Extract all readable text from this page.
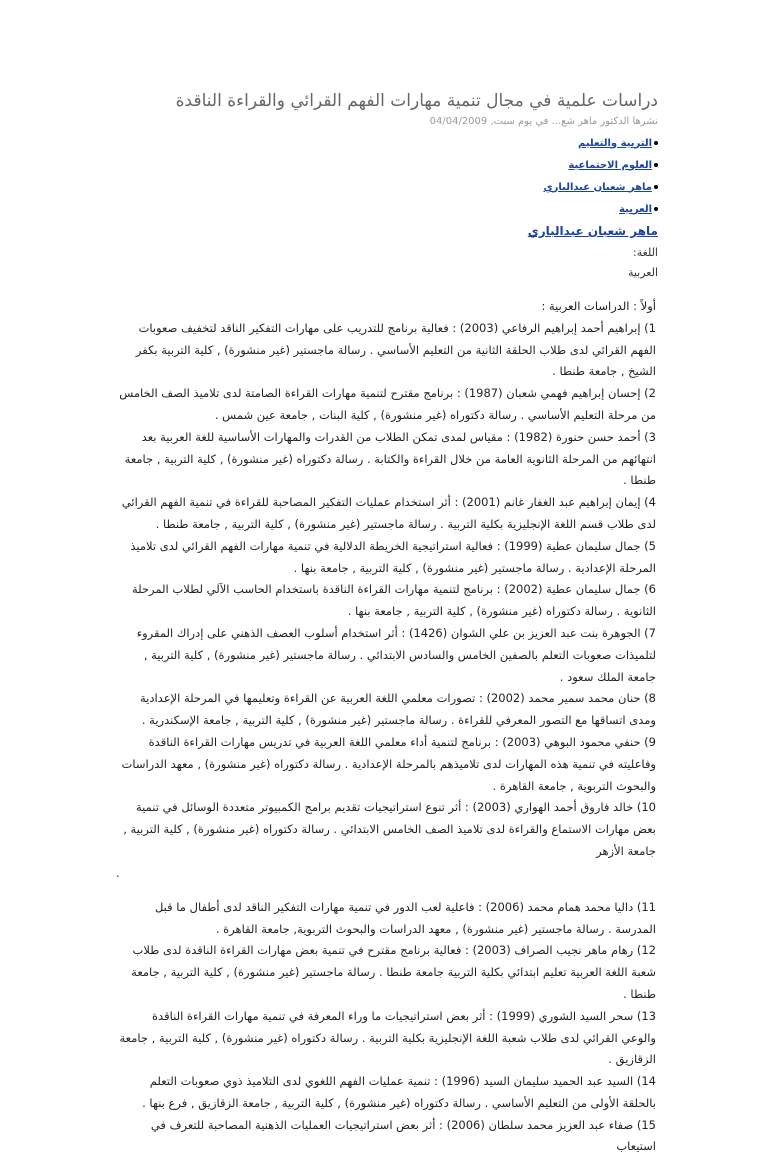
دراسات علمية في مجال تنمية مهارات الفهم القرائي والقراءة الناقدة
نشرها الدكتور ماهر شع... في يوم سبت, 04/04/2009
التربية والتعليم
العلوم الاجتماعية
ماهر شعبان عبدالباري
العربية
ماهر شعبان عبدالباري
اللغة:
العربية

أولاً : الدراسات العربية :

1) إبراهيم أحمد إبراهيم الرفاعي (2003) : فعالية برنامج للتدريب على مهارات التفكير الناقد لتخفيف صعوبات الفهم القرائي لدى طلاب الحلقة الثانية من التعليم الأساسي . رسالة ماجستير (غير منشورة) , كلية التربية بكفر الشيخ , جامعة طنطا .

2) إحسان إبراهيم فهمي شعبان (1987) : برنامج مقترح لتنمية مهارات القراءة الصامتة لدى تلاميذ الصف الخامس من مرحلة التعليم الأساسي . رسالة دكتوراه (غير منشورة) , كلية البنات , جامعة عين شمس .

3) أحمد حسن حنورة (1982) : مقياس لمدى تمكن الطلاب من القدرات والمهارات الأساسية للغة العربية بعد انتهائهم من المرحلة الثانوية العامة من خلال القراءة والكتابة . رسالة دكتوراه (غير منشورة) , كلية التربية , جامعة طنطا .

4) إيمان إبراهيم عبد الغفار غانم (2001) : أثر استخدام عمليات التفكير المصاحبة للقراءة في تنمية الفهم القرائي لدى طلاب قسم اللغة الإنجليزية بكلية التربية . رسالة ماجستير (غير منشورة) , كلية التربية , جامعة طنطا .

5) جمال سليمان عطية (1999) : فعالية استراتيجية الخريطة الدلالية في تنمية مهارات الفهم القرائي لدى تلاميذ المرحلة الإعدادية . رسالة ماجستير (غير منشورة) , كلية التربية , جامعة بنها .

6) جمال سليمان عطية (2002) : برنامج لتنمية مهارات القراءة الناقدة باستخدام الحاسب الآلي لطلاب المرحلة الثانوية . رسالة دكتوراه (غير منشورة) , كلية التربية , جامعة بنها .

7) الجوهرة بنت عبد العزيز بن علي الشوان (1426) : أثر استخدام أسلوب العصف الذهني على إدراك المقروء لتلميذات صعوبات التعلم بالصفين الخامس والسادس الابتدائي . رسالة ماجستير (غير منشورة) , كلية التربية , جامعة الملك سعود .

8) حنان محمد سمير محمد (2002) : تصورات معلمي اللغة العربية عن القراءة وتعليمها في المرحلة الإعدادية ومدى اتساقها مع التصور المعرفي للقراءة . رسالة ماجستير (غير منشورة) , كلية التربية , جامعة الإسكندرية .

9) حنفي محمود البوهي (2003) : برنامج لتنمية أداء معلمي اللغة العربية في تدريس مهارات القراءة الناقدة وفاعليته في تنمية هذه المهارات لدى تلاميذهم بالمرحلة الإعدادية . رسالة دكتوراه (غير منشورة) , معهد الدراسات والبحوث التربوية , جامعة القاهرة .

10) خالد فاروق أحمد الهواري (2003) : أثر تنوع استراتيجيات تقديم برامج الكمبيوتر متعددة الوسائل في تنمية بعض مهارات الاستماع والقراءة لدى تلاميذ الصف الخامس الابتدائي . رسالة دكتوراه (غير منشورة) , كلية التربية , جامعة الأزهر

.

11) داليا محمد همام محمد (2006) : فاعلية لعب الدور في تنمية مهارات التفكير الناقد لدى أطفال ما قبل المدرسة . رسالة ماجستير (غير منشورة) , معهد الدراسات والبحوث التربوية, جامعة القاهرة .

12) رهام ماهر نجيب الصراف (2003) : فعالية برنامج مقترح في تنمية بعض مهارات القراءة الناقدة لدى طلاب شعبة اللغة العربية تعليم ابتدائي بكلية التربية جامعة طنطا . رسالة ماجستير (غير منشورة) , كلية التربية , جامعة طنطا .

13) سحر السيد الشوري (1999) : أثر بعض استراتيجيات ما وراء المعرفة في تنمية مهارات القراءة الناقدة والوعي القرائي لدى طلاب شعبة اللغة الإنجليزية بكلية التربية . رسالة دكتوراه (غير منشورة) , كلية التربية , جامعة الزقازيق .

14) السيد عبد الحميد سليمان السيد (1996) : تنمية عمليات الفهم اللغوي لدى التلاميذ ذوي صعوبات التعلم بالحلقة الأولى من التعليم الأساسي . رسالة دكتوراه (غير منشورة) , كلية التربية , جامعة الزقازيق , فرع بنها .

15) صفاء عبد العزيز محمد سلطان (2006) : أثر بعض استراتيجيات العمليات الذهنية المصاحبة للتعرف في استيعاب
